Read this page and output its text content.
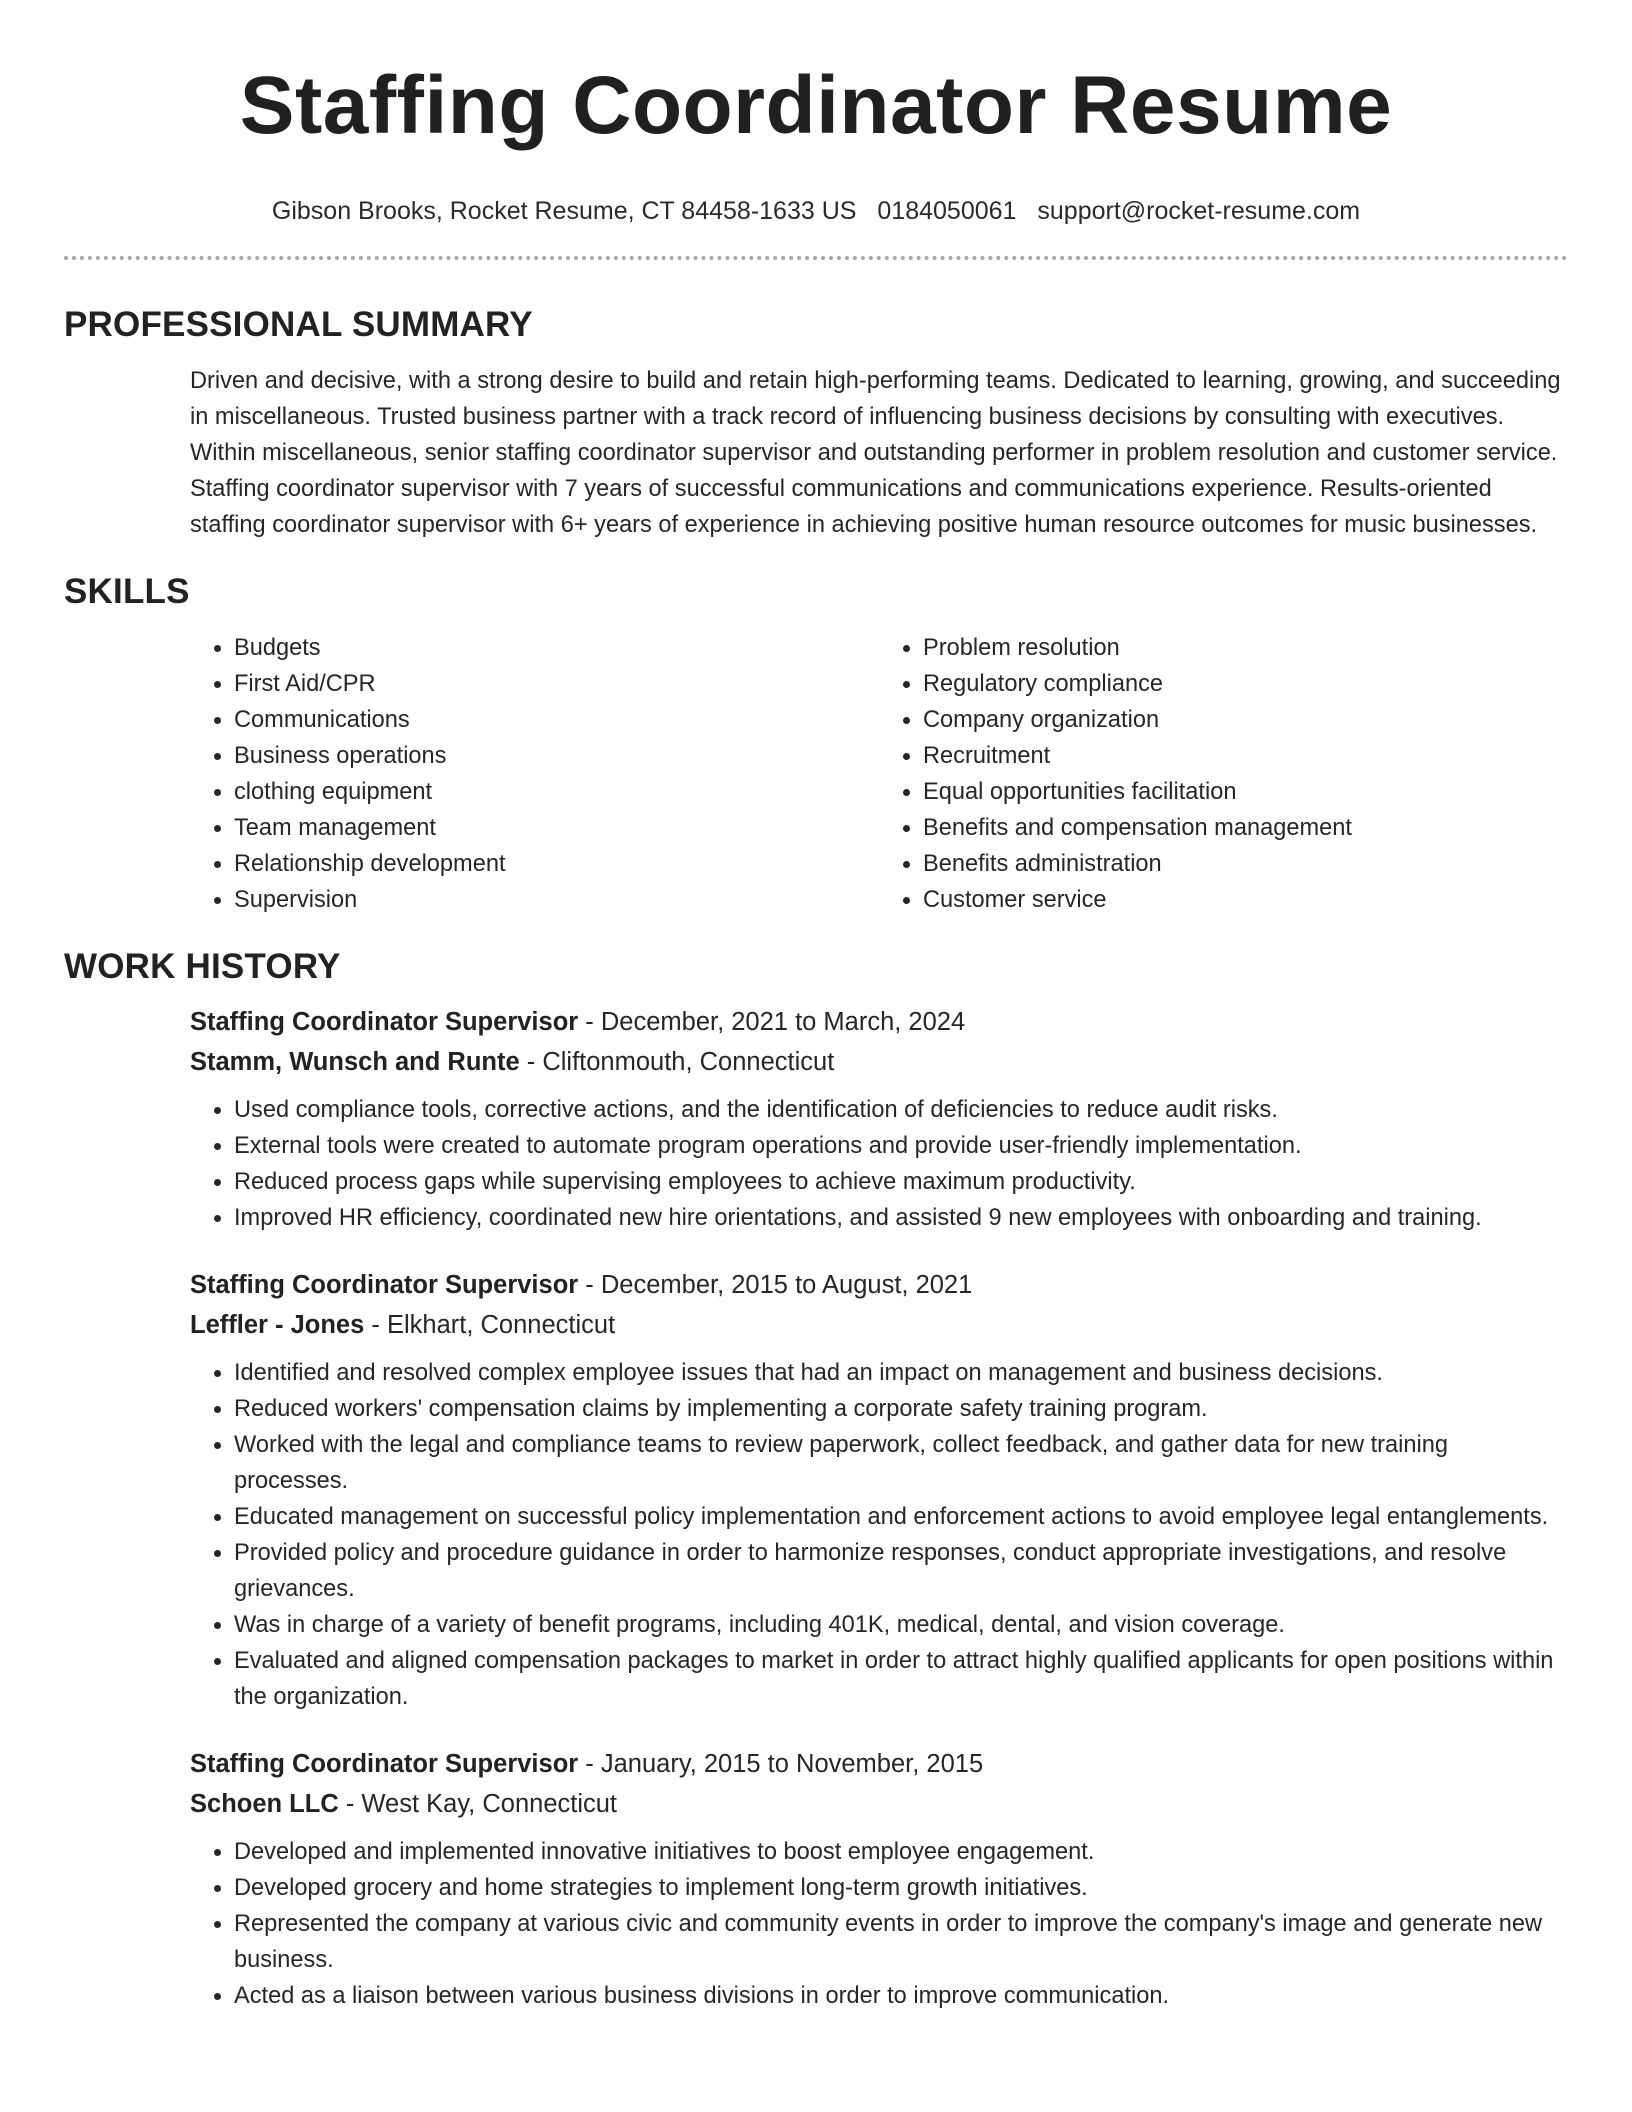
Staffing Coordinator Resume
Gibson Brooks, Rocket Resume, CT 84458-1633 US 0184050061 support@rocket-resume.com
PROFESSIONAL SUMMARY

Driven and decisive, with a strong desire to build and retain high-performing teams. Dedicated to learning, growing, and succeeding in miscellaneous. Trusted business partner with a track record of influencing business decisions by consulting with executives. Within miscellaneous, senior staffing coordinator supervisor and outstanding performer in problem resolution and customer service. Staffing coordinator supervisor with 7 years of successful communications and communications experience. Results-oriented staffing coordinator supervisor with 6+ years of experience in achieving positive human resource outcomes for music businesses.

SKILLS
• Budgets
• First Aid/CPR
• Communications
• Business operations
• clothing equipment
• Team management
• Relationship development
• Supervision
• Problem resolution
• Regulatory compliance
• Company organization
• Recruitment
• Equal opportunities facilitation
• Benefits and compensation management
• Benefits administration
• Customer service
WORK HISTORY
Staffing Coordinator Supervisor - December, 2021 to March, 2024
Stamm, Wunsch and Runte - Cliftonmouth, Connecticut
• Used compliance tools, corrective actions, and the identification of deficiencies to reduce audit risks.
• External tools were created to automate program operations and provide user-friendly implementation.
• Reduced process gaps while supervising employees to achieve maximum productivity.
• Improved HR efficiency, coordinated new hire orientations, and assisted 9 new employees with onboarding and training.
Staffing Coordinator Supervisor - December, 2015 to August, 2021
Leffler - Jones - Elkhart, Connecticut
• Identified and resolved complex employee issues that had an impact on management and business decisions.
• Reduced workers' compensation claims by implementing a corporate safety training program.
• Worked with the legal and compliance teams to review paperwork, collect feedback, and gather data for new training processes.
• Educated management on successful policy implementation and enforcement actions to avoid employee legal entanglements.
• Provided policy and procedure guidance in order to harmonize responses, conduct appropriate investigations, and resolve grievances.
• Was in charge of a variety of benefit programs, including 401K, medical, dental, and vision coverage.
• Evaluated and aligned compensation packages to market in order to attract highly qualified applicants for open positions within the organization.
Staffing Coordinator Supervisor - January, 2015 to November, 2015
Schoen LLC - West Kay, Connecticut
• Developed and implemented innovative initiatives to boost employee engagement.
• Developed grocery and home strategies to implement long-term growth initiatives.
• Represented the company at various civic and community events in order to improve the company's image and generate new business.
• Acted as a liaison between various business divisions in order to improve communication.
